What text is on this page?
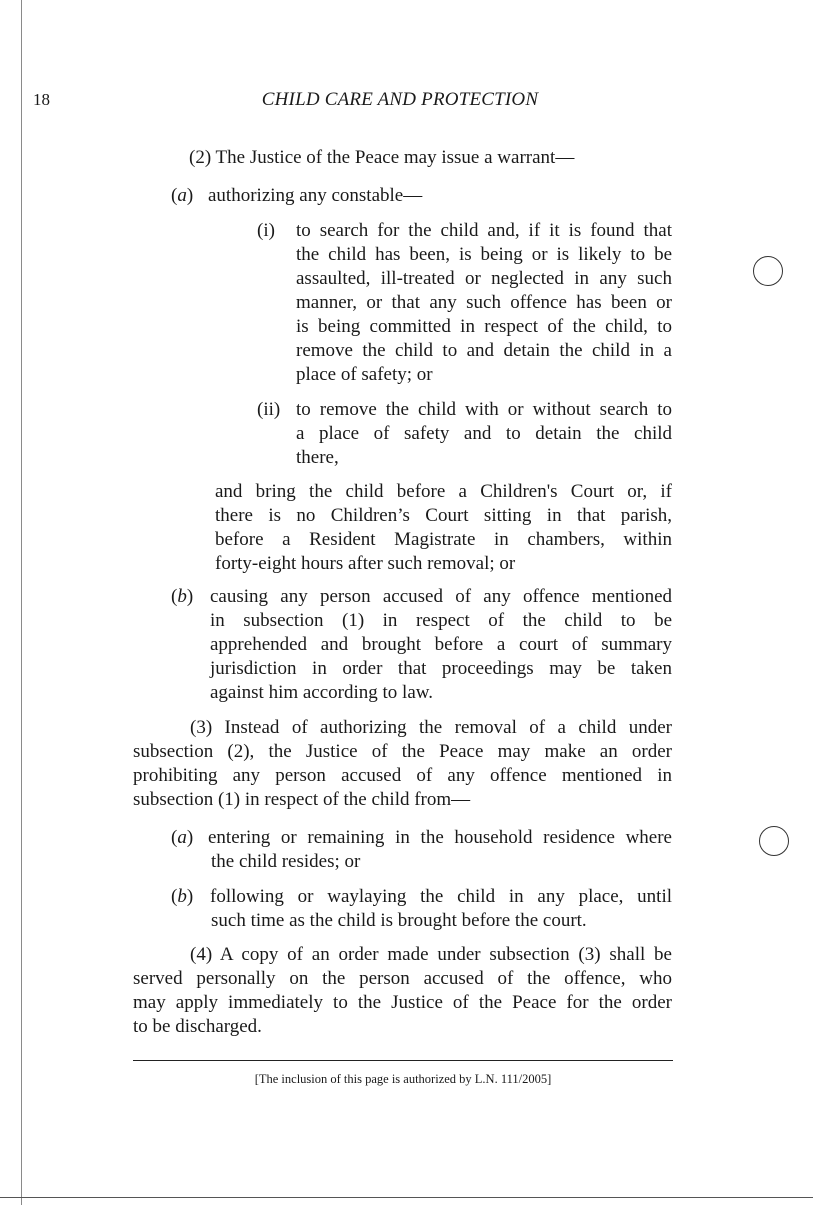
18	CHILD CARE AND PROTECTION
(2) The Justice of the Peace may issue a warrant—
(a) authorizing any constable—
(i) to search for the child and, if it is found that
the child has been, is being or is likely to be
assaulted, ill-treated or neglected in any such
manner, or that any such offence has been or
is being committed in respect of the child, to
remove the child to and detain the child in a
place of safety; or
(ii) to remove the child with or without search to
a place of safety and to detain the child
there,
and bring the child before a Children's Court or, if
there is no Children’s Court sitting in that parish,
before a Resident Magistrate in chambers, within
forty-eight hours after such removal; or
(b) causing any person accused of any offence mentioned
in subsection (1) in respect of the child to be
apprehended and brought before a court of summary
jurisdiction in order that proceedings may be taken
against him according to law.
(3) Instead of authorizing the removal of a child under
subsection (2), the Justice of the Peace may make an order
prohibiting any person accused of any offence mentioned in
subsection (1) in respect of the child from—
(a) entering or remaining in the household residence where
the child resides; or
(b) following or waylaying the child in any place, until
such time as the child is brought before the court.
(4) A copy of an order made under subsection (3) shall be
served personally on the person accused of the offence, who
may apply immediately to the Justice of the Peace for the order
to be discharged.
[The inclusion of this page is authorized by L.N. 111/2005]
